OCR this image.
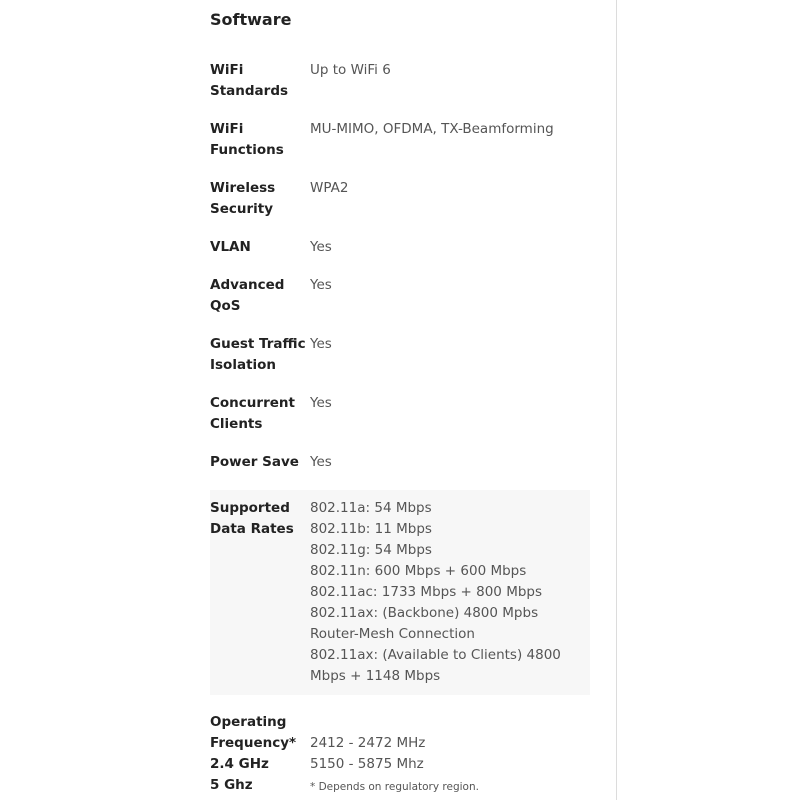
Software
WiFi
Standards
Up to WiFi 6
WiFi
Functions
MU-MIMO, OFDMA, TX-Beamforming
Wireless
Security
WPA2
VLAN	Yes
Advanced
QoS
Yes
Guest Traffic
Isolation
Yes
Concurrent
Clients
Yes
Power Save Yes
Supported
Data Rates
802.11a: 54 Mbps
802.11b: 11 Mbps
802.11g: 54 Mbps
802.11n: 600 Mbps + 600 Mbps
802.11ac: 1733 Mbps + 800 Mbps
802.11ax: (Backbone) 4800 Mpbs Router-Mesh Connection
802.11ax: (Available to Clients) 4800 Mbps + 1148 Mbps
Operating
Frequency*
2.4 GHz
5 Ghz
2412 - 2472 MHz
5150 - 5875 Mhz
* Depends on regulatory region.
